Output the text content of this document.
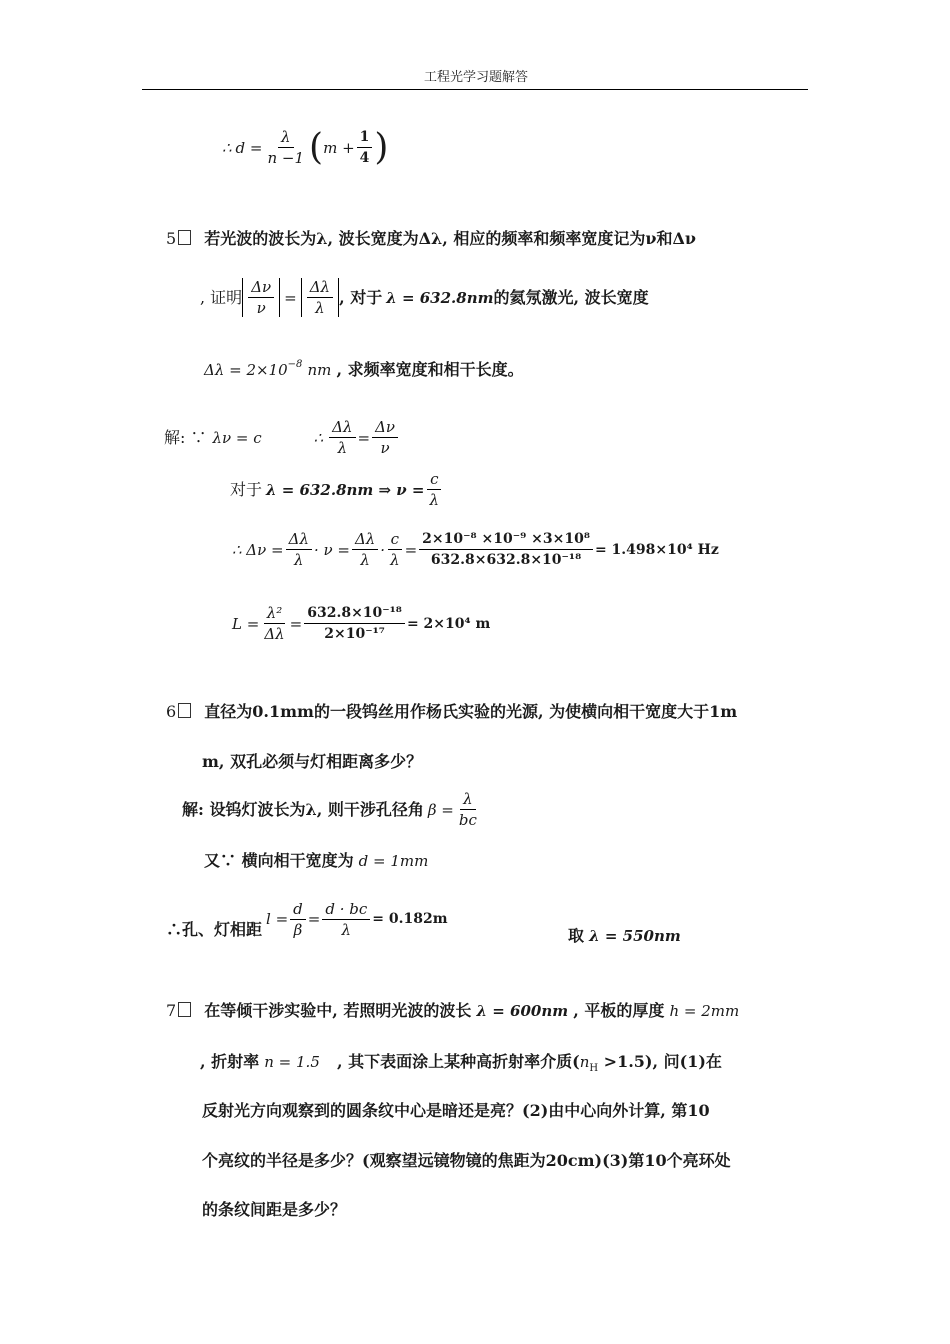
工程光学习题解答
∴ $d = \frac{\lambda}{n -1}$ ( $m + \frac{1}{4}$ )
5 若光波的波长为λ, 波长宽度为Δλ, 相应的频率和频率宽度记为ν和Δν
, 证明 $\frac{\Delta\nu}{\nu} = \frac{\Delta\lambda}{\lambda}$ , 对于 λ = 632.8nm 的氦氖激光, 波长宽度
$\Delta\lambda = 2\times 10^{-8}$ nm , 求频率宽度和相干长度。
解: ∵ λν = c	∴ $\frac{\Delta\lambda}{\lambda} = \frac{\Delta\nu}{\nu}$
对于 λ = 632.8nm ⇒ $\nu = \frac{c}{\lambda}$
∴ $\Delta\nu = \frac{\Delta\lambda}{\lambda} \cdot \nu = \frac{\Delta\lambda}{\lambda} \cdot \frac{c}{\lambda} = \frac{\text{2×10⁻⁸ ×10⁻⁹ ×3×10⁸}}{\text{632.8×632.8×10⁻¹⁸}} = 1.498\times 10^4$ Hz
$L = \frac{\text{λ²}}{\Delta\lambda} = \frac{\text{632.8×10⁻¹⁸}}{\text{2×10⁻¹⁷}} = 2\times 10^4$ m
6 直径为0.1mm的一段钨丝用作杨氏实验的光源, 为使横向相干宽度大于1m
m, 双孔必须与灯相距离多少？
解: 设钨灯波长为λ, 则干涉孔径角 $\beta = \frac{\lambda}{bc}$
又∵ 横向相干宽度为 d = 1mm
∴孔、灯相距
$l = \frac{d}{\beta} = \frac{d \cdot bc}{\lambda} = 0.182m$
取 λ = 550nm
7 在等倾干涉实验中, 若照明光波的波长 λ = 600nm , 平板的厚度 h = 2mm
, 折射率 n = 1.5 , 其下表面涂上某种高折射率介质$(n_H >1.5)$, 问(1)在
反射光方向观察到的圆条纹中心是暗还是亮？(2)由中心向外计算, 第10
个亮纹的半径是多少？(观察望远镜物镜的焦距为20cm)(3)第10个亮环处
的条纹间距是多少？
